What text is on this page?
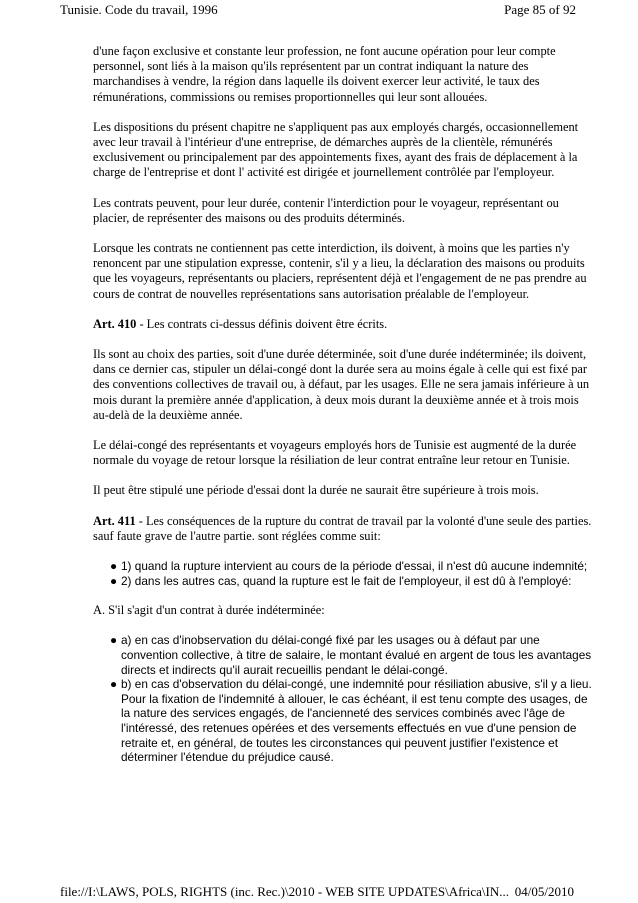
Tunisie. Code du travail, 1996	Page 85 of 92

d'une façon exclusive et constante leur profession, ne font aucune opération pour leur compte personnel, sont liés à la maison qu'ils représentent par un contrat indiquant la nature des marchandises à vendre, la région dans laquelle ils doivent exercer leur activité, le taux des rémunérations, commissions ou remises proportionnelles qui leur sont allouées.

Les dispositions du présent chapitre ne s'appliquent pas aux employés chargés, occasionnellement avec leur travail à l'intérieur d'une entreprise, de démarches auprès de la clientèle, rémunérés exclusivement ou principalement par des appointements fixes, ayant des frais de déplacement à la charge de l'entreprise et dont l' activité est dirigée et journellement contrôlée par l'employeur.

Les contrats peuvent, pour leur durée, contenir l'interdiction pour le voyageur, représentant ou placier, de représenter des maisons ou des produits déterminés.

Lorsque les contrats ne contiennent pas cette interdiction, ils doivent, à moins que les parties n'y renoncent par une stipulation expresse, contenir, s'il y a lieu, la déclaration des maisons ou produits que les voyageurs, représentants ou placiers, représentent déjà et l'engagement de ne pas prendre au cours de contrat de nouvelles représentations sans autorisation préalable de l'employeur.

Art. 410 - Les contrats ci-dessus définis doivent être écrits.

Ils sont au choix des parties, soit d'une durée déterminée, soit d'une durée indéterminée; ils doivent, dans ce dernier cas, stipuler un délai-congé dont la durée sera au moins égale à celle qui est fixé par des conventions collectives de travail ou, à défaut, par les usages. Elle ne sera jamais inférieure à un mois durant la première année d'application, à deux mois durant la deuxième année et à trois mois au-delà de la deuxième année.

Le délai-congé des représentants et voyageurs employés hors de Tunisie est augmenté de la durée normale du voyage de retour lorsque la résiliation de leur contrat entraîne leur retour en Tunisie.

Il peut être stipulé une période d'essai dont la durée ne saurait être supérieure à trois mois.

Art. 411 - Les conséquences de la rupture du contrat de travail par la volonté d'une seule des parties. sauf faute grave de l'autre partie. sont réglées comme suit:

● 1) quand la rupture intervient au cours de la période d'essai, il n'est dû aucune indemnité;
● 2) dans les autres cas, quand la rupture est le fait de l'employeur, il est dû à l'employé:

A. S'il s'agit d'un contrat à durée indéterminée:

● a) en cas d'inobservation du délai-congé fixé par les usages ou à défaut par une convention collective, à titre de salaire, le montant évalué en argent de tous les avantages directs et indirects qu'il aurait recueillis pendant le délai-congé.
● b) en cas d'observation du délai-congé, une indemnité pour résiliation abusive, s'il y a lieu. Pour la fixation de l'indemnité à allouer, le cas échéant, il est tenu compte des usages, de la nature des services engagés, de l'ancienneté des services combinés avec l'âge de l'intéressé, des retenues opérées et des versements effectués en vue d'une pension de retraite et, en général, de toutes les circonstances qui peuvent justifier l'existence et déterminer l'étendue du préjudice causé.
file://I:\LAWS, POLS, RIGHTS (inc. Rec.)\2010 - WEB SITE UPDATES\Africa\IN... 04/05/2010
